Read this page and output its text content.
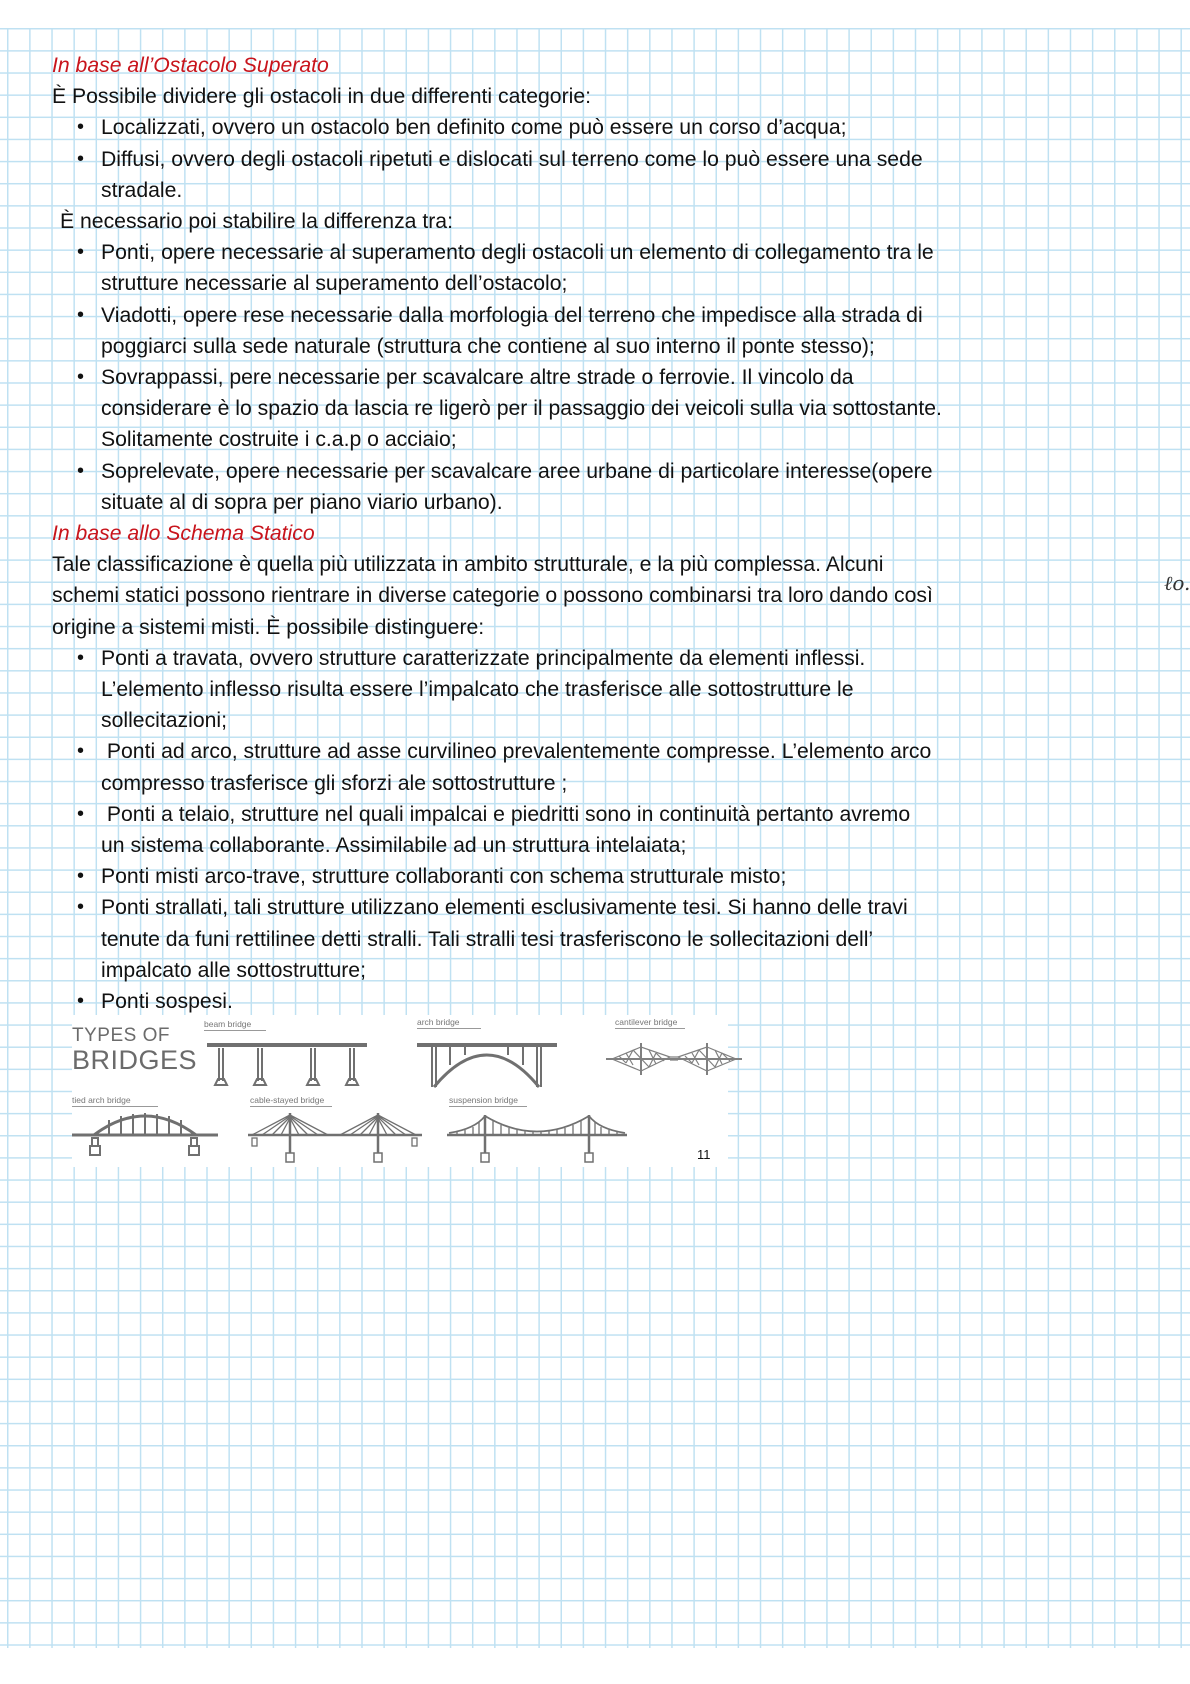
In base all’Ostacolo Superato

È Possibile dividere gli ostacoli in due differenti categorie:

• Localizzati, ovvero un ostacolo ben definito come può essere un corso d’acqua;
• Diffusi, ovvero degli ostacoli ripetuti e dislocati sul terreno come lo può essere una sede
stradale.

È necessario poi stabilire la differenza tra:

• Ponti, opere necessarie al superamento degli ostacoli un elemento di collegamento tra le
strutture necessarie al superamento dell’ostacolo;
• Viadotti, opere rese necessarie dalla morfologia del terreno che impedisce alla strada di
poggiarci sulla sede naturale (struttura che contiene al suo interno il ponte stesso);
• Sovrappassi, pere necessarie per scavalcare altre strade o ferrovie. Il vincolo da
considerare è lo spazio da lascia re ligerò per il passaggio dei veicoli sulla via sottostante.
Solitamente costruite i c.a.p o acciaio;
• Soprelevate, opere necessarie per scavalcare aree urbane di particolare interesse(opere
situate al di sopra per piano viario urbano).

In base allo Schema Statico

Tale classificazione è quella più utilizzata in ambito strutturale, e la più complessa. Alcuni
schemi statici possono rientrare in diverse categorie o possono combinarsi tra loro dando così
origine a sistemi misti. È possibile distinguere:

• Ponti a travata, ovvero strutture caratterizzate principalmente da elementi inflessi.
L’elemento inflesso risulta essere l’impalcato che trasferisce alle sottostrutture le
sollecitazioni;
• Ponti ad arco, strutture ad asse curvilineo prevalentemente compresse. L’elemento arco
compresso trasferisce gli sforzi ale sottostrutture ;
• Ponti a telaio, strutture nel quali impalcai e piedritti sono in continuità pertanto avremo
un sistema collaborante. Assimilabile ad un struttura intelaiata;
• Ponti misti arco-trave, strutture collaboranti con schema strutturale misto;
• Ponti strallati, tali strutture utilizzano elementi esclusivamente tesi. Si hanno delle travi
tenute da funi rettilinee detti stralli. Tali stralli tesi trasferiscono le sollecitazioni dell’
impalcato alle sottostrutture;
• Ponti sospesi.
ℓo.
TYPES OF
BRIDGES
beam bridge	arch bridge	cantilever bridge
tied arch bridge	cable-stayed bridge	suspension bridge
11
